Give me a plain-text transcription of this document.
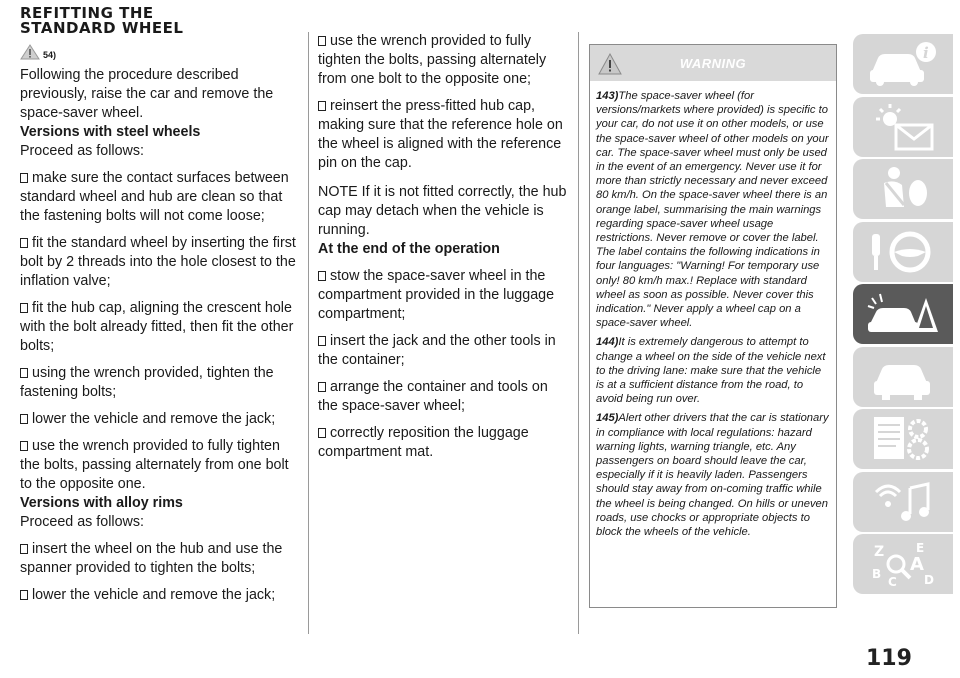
REFITTING THE
STANDARD WHEEL
54)

Following the procedure described previously, raise the car and remove the space-saver wheel.

Versions with steel wheels

Proceed as follows:

make sure the contact surfaces between standard wheel and hub are clean so that the fastening bolts will not come loose;

fit the standard wheel by inserting the first bolt by 2 threads into the hole closest to the inflation valve;

fit the hub cap, aligning the crescent hole with the bolt already fitted, then fit the other bolts;

using the wrench provided, tighten the fastening bolts;

lower the vehicle and remove the jack;

use the wrench provided to fully tighten the bolts, passing alternately from one bolt to the opposite one.

Versions with alloy rims

Proceed as follows:

insert the wheel on the hub and use the spanner provided to tighten the bolts;

lower the vehicle and remove the jack;

use the wrench provided to fully tighten the bolts, passing alternately from one bolt to the opposite one;

reinsert the press-fitted hub cap, making sure that the reference hole on the wheel is aligned with the reference pin on the cap.

NOTE If it is not fitted correctly, the hub cap may detach when the vehicle is running.

At the end of the operation

stow the space-saver wheel in the compartment provided in the luggage compartment;

insert the jack and the other tools in the container;

arrange the container and tools on the space-saver wheel;

correctly reposition the luggage compartment mat.

WARNING

143)The space-saver wheel (for versions/markets where provided) is specific to your car, do not use it on other models, or use the space-saver wheel of other models on your car. The space-saver wheel must only be used in the event of an emergency. Never use it for more than strictly necessary and never exceed 80 km/h. On the space-saver wheel there is an orange label, summarising the main warnings regarding space-saver wheel usage restrictions. Never remove or cover the label. The label contains the following indications in four languages: "Warning! For temporary use only! 80 km/h max.! Replace with standard wheel as soon as possible. Never cover this indication." Never apply a wheel cap on a space-saver wheel.

144)It is extremely dangerous to attempt to change a wheel on the side of the vehicle next to the driving lane: make sure that the vehicle is at a sufficient distance from the road, to avoid being run over.

145)Alert other drivers that the car is stationary in compliance with local regulations: hazard warning lights, warning triangle, etc. Any passengers on board should leave the car, especially if it is heavily laden. Passengers should stay away from on-coming traffic while the wheel is being changed. On hills or uneven roads, use chocks or appropriate objects to block the wheels of the vehicle.

i
Z	E
A
B
C D
119
